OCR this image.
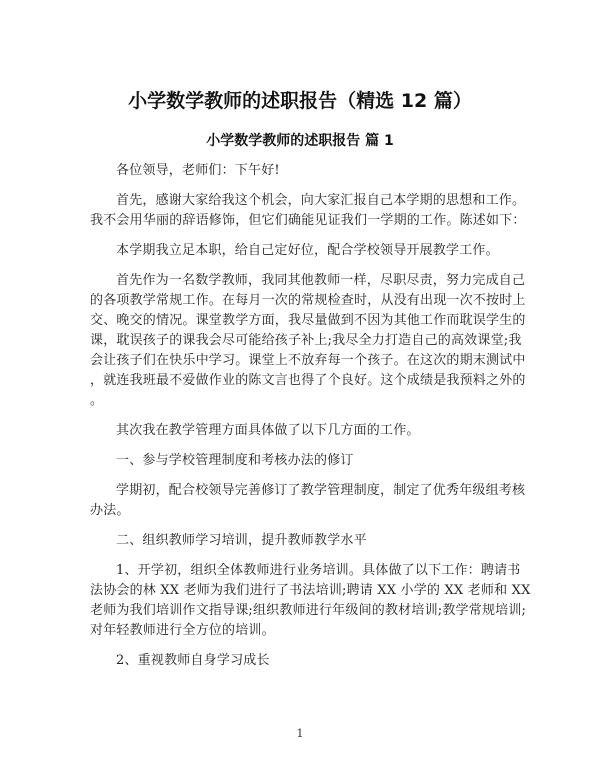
小学数学教师的述职报告（精选 12 篇）
小学数学教师的述职报告 篇 1
各位领导，老师们：下午好!
首先，感谢大家给我这个机会，向大家汇报自己本学期的思想和工作。
我不会用华丽的辞语修饰，但它们确能见证我们一学期的工作。陈述如下：
本学期我立足本职，给自己定好位，配合学校领导开展教学工作。
首先作为一名数学教师，我同其他教师一样，尽职尽责，努力完成自己
的各项教学常规工作。在每月一次的常规检查时，从没有出现一次不按时上
交、晚交的情况。课堂教学方面，我尽量做到不因为其他工作而耽误学生的
课，耽误孩子的课我会尽可能给孩子补上;我尽全力打造自己的高效课堂;我
会让孩子们在快乐中学习。课堂上不放弃每一个孩子。在这次的期末测试中
，就连我班最不爱做作业的陈文言也得了个良好。这个成绩是我预料之外的
。
其次我在教学管理方面具体做了以下几方面的工作。
一、参与学校管理制度和考核办法的修订
学期初，配合校领导完善修订了教学管理制度，制定了优秀年级组考核
办法。
二、组织教师学习培训，提升教师教学水平
1、开学初，组织全体教师进行业务培训。具体做了以下工作：聘请书
法协会的林 XX 老师为我们进行了书法培训;聘请 XX 小学的 XX 老师和 XX
老师为我们培训作文指导课;组织教师进行年级间的教材培训;教学常规培训;
对年轻教师进行全方位的培训。
2、重视教师自身学习成长
1
